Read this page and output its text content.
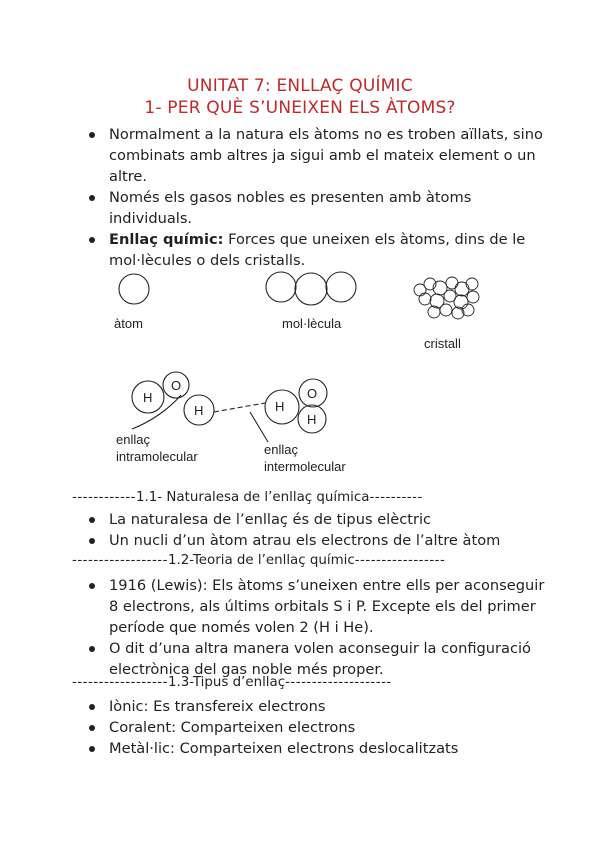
UNITAT 7: ENLLAÇ QUÍMIC
1- PER QUÈ S’UNEIXEN ELS ÀTOMS?
Normalment a la natura els àtoms no es troben aïllats, sino combinats amb altres ja sigui amb el mateix element o un altre.
Només els gasos nobles es presenten amb àtoms individuals.
Enllaç químic: Forces que uneixen els àtoms, dins de le mol·lècules o dels cristalls.
àtom	mol·lècula
cristall
O
H
H	H
O
H
enllaç
intramolecular	enllaç
intermolecular
------------1.1- Naturalesa de l’enllaç química----------
La naturalesa de l’enllaç és de tipus elèctric
Un nucli d’un àtom atrau els electrons de l’altre àtom
------------------1.2-Teoria de l’enllaç químic-----------------
1916 (Lewis): Els àtoms s’uneixen entre ells per aconseguir 8 electrons, als últims orbitals S i P. Excepte els del primer període que només volen 2 (H i He).
O dit d’una altra manera volen aconseguir la configuració electrònica del gas noble més proper.
------------------1.3-Tipus d’enllaç--------------------
Iònic: Es transfereix electrons
Coralent: Comparteixen electrons
Metàl·lic: Comparteixen electrons deslocalitzats
